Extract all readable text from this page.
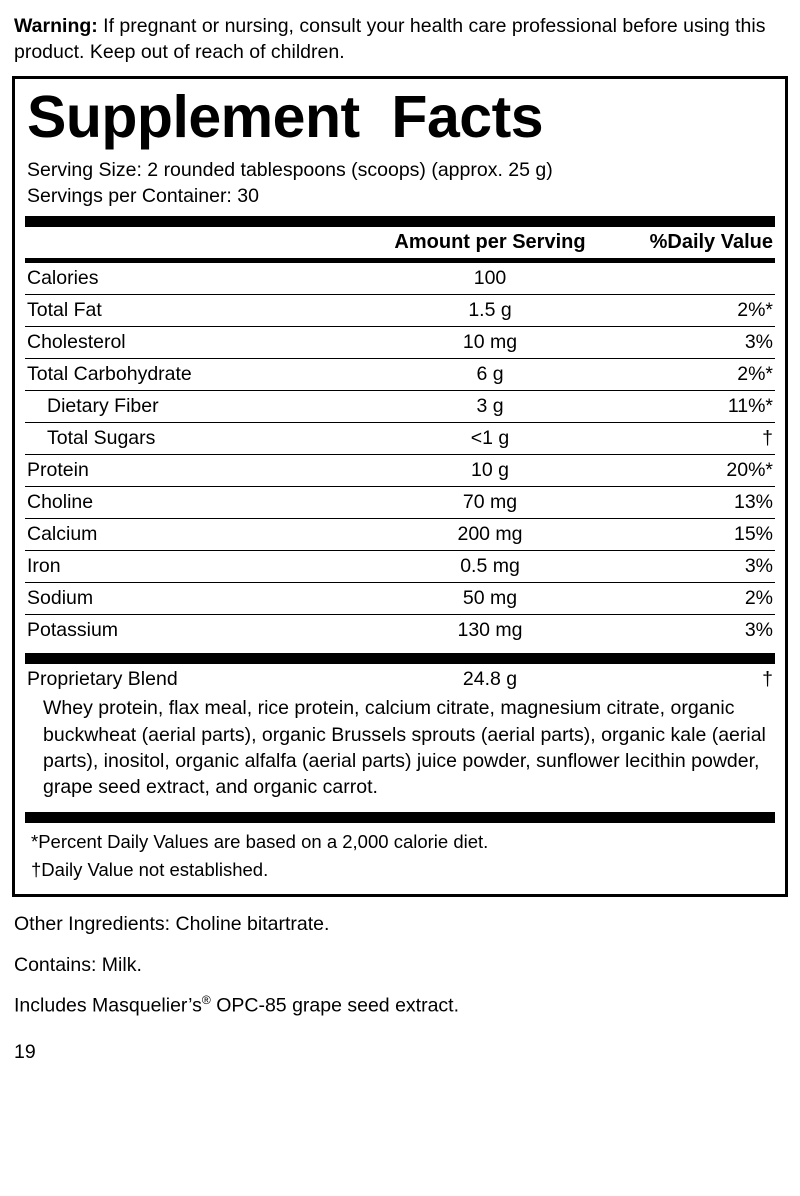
Warning: If pregnant or nursing, consult your health care professional before using this product. Keep out of reach of children.

Supplement  Facts
Serving Size: 2 rounded tablespoons (scoops) (approx. 25 g)
Servings per Container: 30
	Amount per Serving	%Daily Value
Calories	100	
Total Fat	1.5 g	2%*
Cholesterol	10 mg	3%
Total Carbohydrate	6 g	2%*
Dietary Fiber	3 g	11%*
Total Sugars	<1 g	†
Protein	10 g	20%*
Choline	70 mg	13%
Calcium	200 mg	15%
Iron	0.5 mg	3%
Sodium	50 mg	2%
Potassium	130 mg	3%
Proprietary Blend	24.8 g	†
Whey protein, flax meal, rice protein, calcium citrate, magnesium citrate, organic buckwheat (aerial parts), organic Brussels sprouts (aerial parts), organic kale (aerial parts), inositol, organic alfalfa (aerial parts) juice powder, sunflower lecithin powder, grape seed extract, and organic carrot.
*Percent Daily Values are based on a 2,000 calorie diet.
†Daily Value not established.
Other Ingredients: Choline bitartrate.
Contains: Milk.
Includes Masquelier’s® OPC-85 grape seed extract.
19
